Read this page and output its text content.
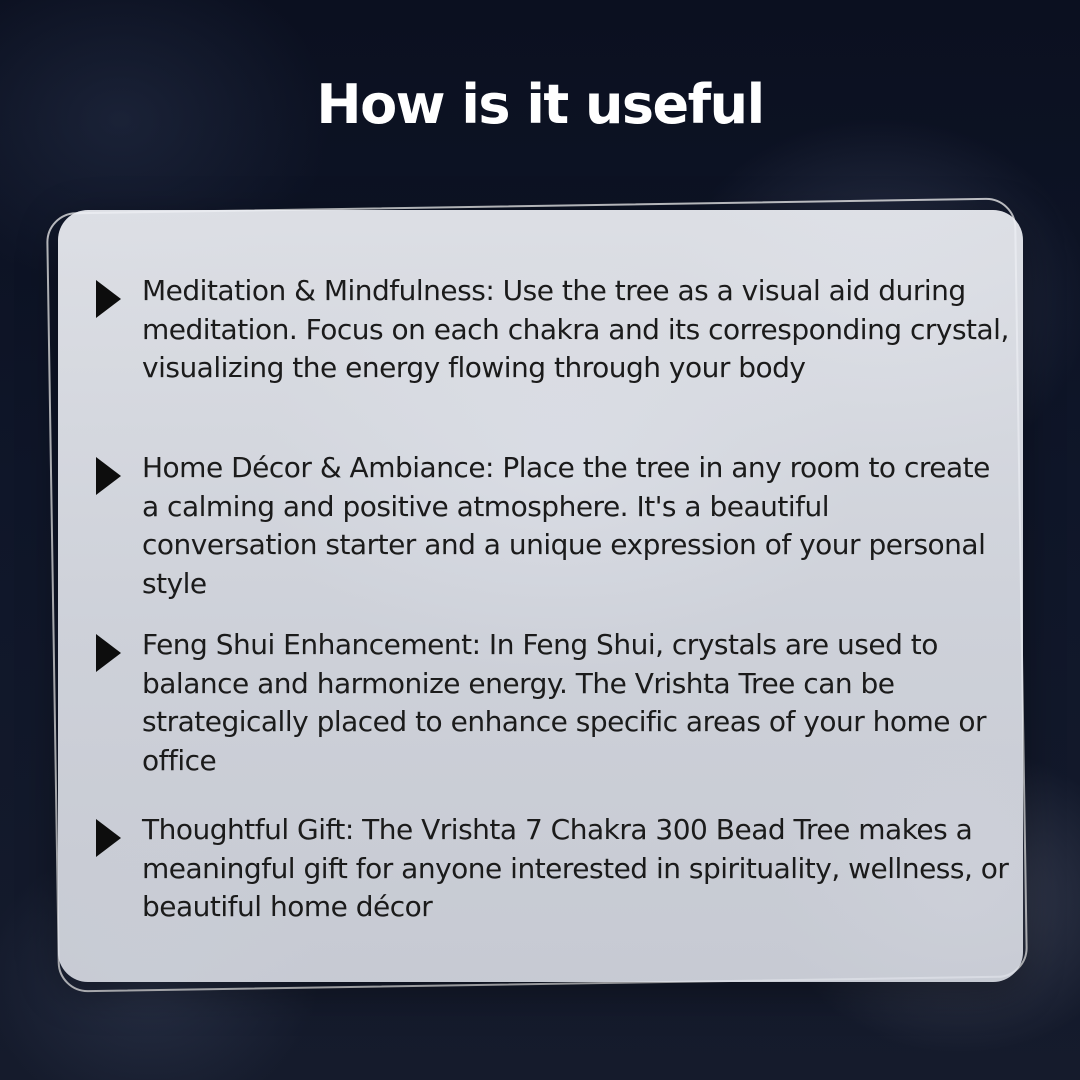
How is it useful

Meditation & Mindfulness: Use the tree as a visual aid during meditation. Focus on each chakra and its corresponding crystal, visualizing the energy flowing through your body

Home Décor & Ambiance: Place the tree in any room to create a calming and positive atmosphere. It's a beautiful conversation starter and a unique expression of your personal style

Feng Shui Enhancement: In Feng Shui, crystals are used to balance and harmonize energy. The Vrishta Tree can be strategically placed to enhance specific areas of your home or office

Thoughtful Gift: The Vrishta 7 Chakra 300 Bead Tree makes a meaningful gift for anyone interested in spirituality, wellness, or beautiful home décor
